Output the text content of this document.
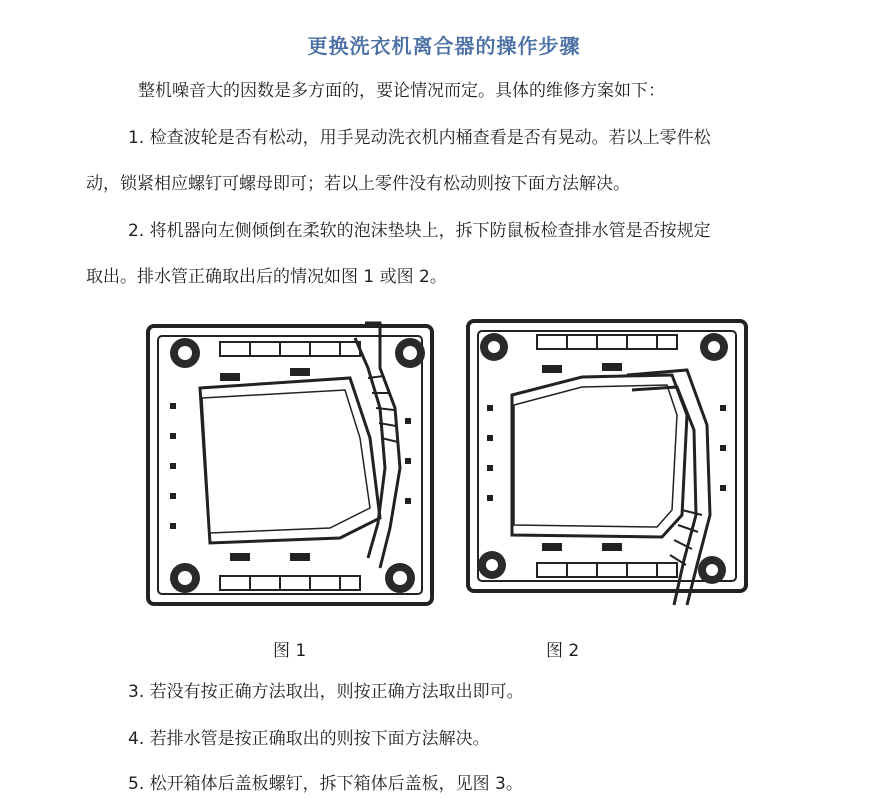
更换洗衣机离合器的操作步骤
整机噪音大的因数是多方面的，要论情况而定。具体的维修方案如下：
1. 检查波轮是否有松动，用手晃动洗衣机内桶查看是否有晃动。若以上零件松
动，锁紧相应螺钉可螺母即可；若以上零件没有松动则按下面方法解决。
2. 将机器向左侧倾倒在柔软的泡沫垫块上，拆下防鼠板检查排水管是否按规定
取出。排水管正确取出后的情况如图 1 或图 2。
图 1	图 2
3. 若没有按正确方法取出，则按正确方法取出即可。
4. 若排水管是按正确取出的则按下面方法解决。
5. 松开箱体后盖板螺钉，拆下箱体后盖板，见图 3。
